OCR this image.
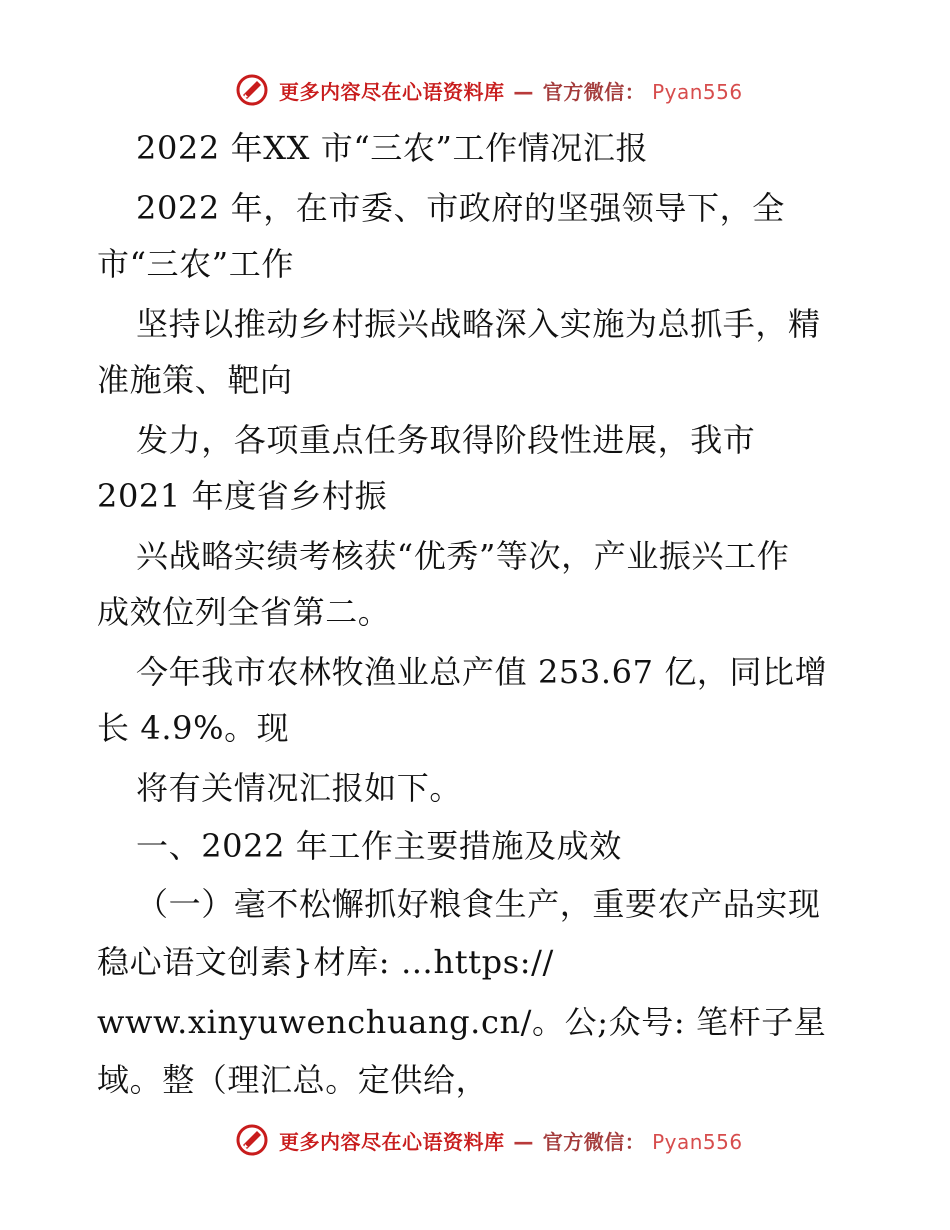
更多内容尽在心语资料库 — 官方微信： Pyan556
2022 年XX 市“三农”工作情况汇报
2022 年，在市委、市政府的坚强领导下，全
市“三农”工作
坚持以推动乡村振兴战略深入实施为总抓手，精
准施策、靶向
发力，各项重点任务取得阶段性进展，我市
2021 年度省乡村振
兴战略实绩考核获“优秀”等次，产业振兴工作
成效位列全省第二。
今年我市农林牧渔业总产值 253.67 亿，同比增
长 4.9%。现
将有关情况汇报如下。
一、2022 年工作主要措施及成效
（一）毫不松懈抓好粮食生产，重要农产品实现
稳心语文创素}材库: …https://
www.xinyuwenchuang.cn/。公;众号: 笔杆子星
域。整（理汇总。定供给，
更多内容尽在心语资料库 — 官方微信： Pyan556
